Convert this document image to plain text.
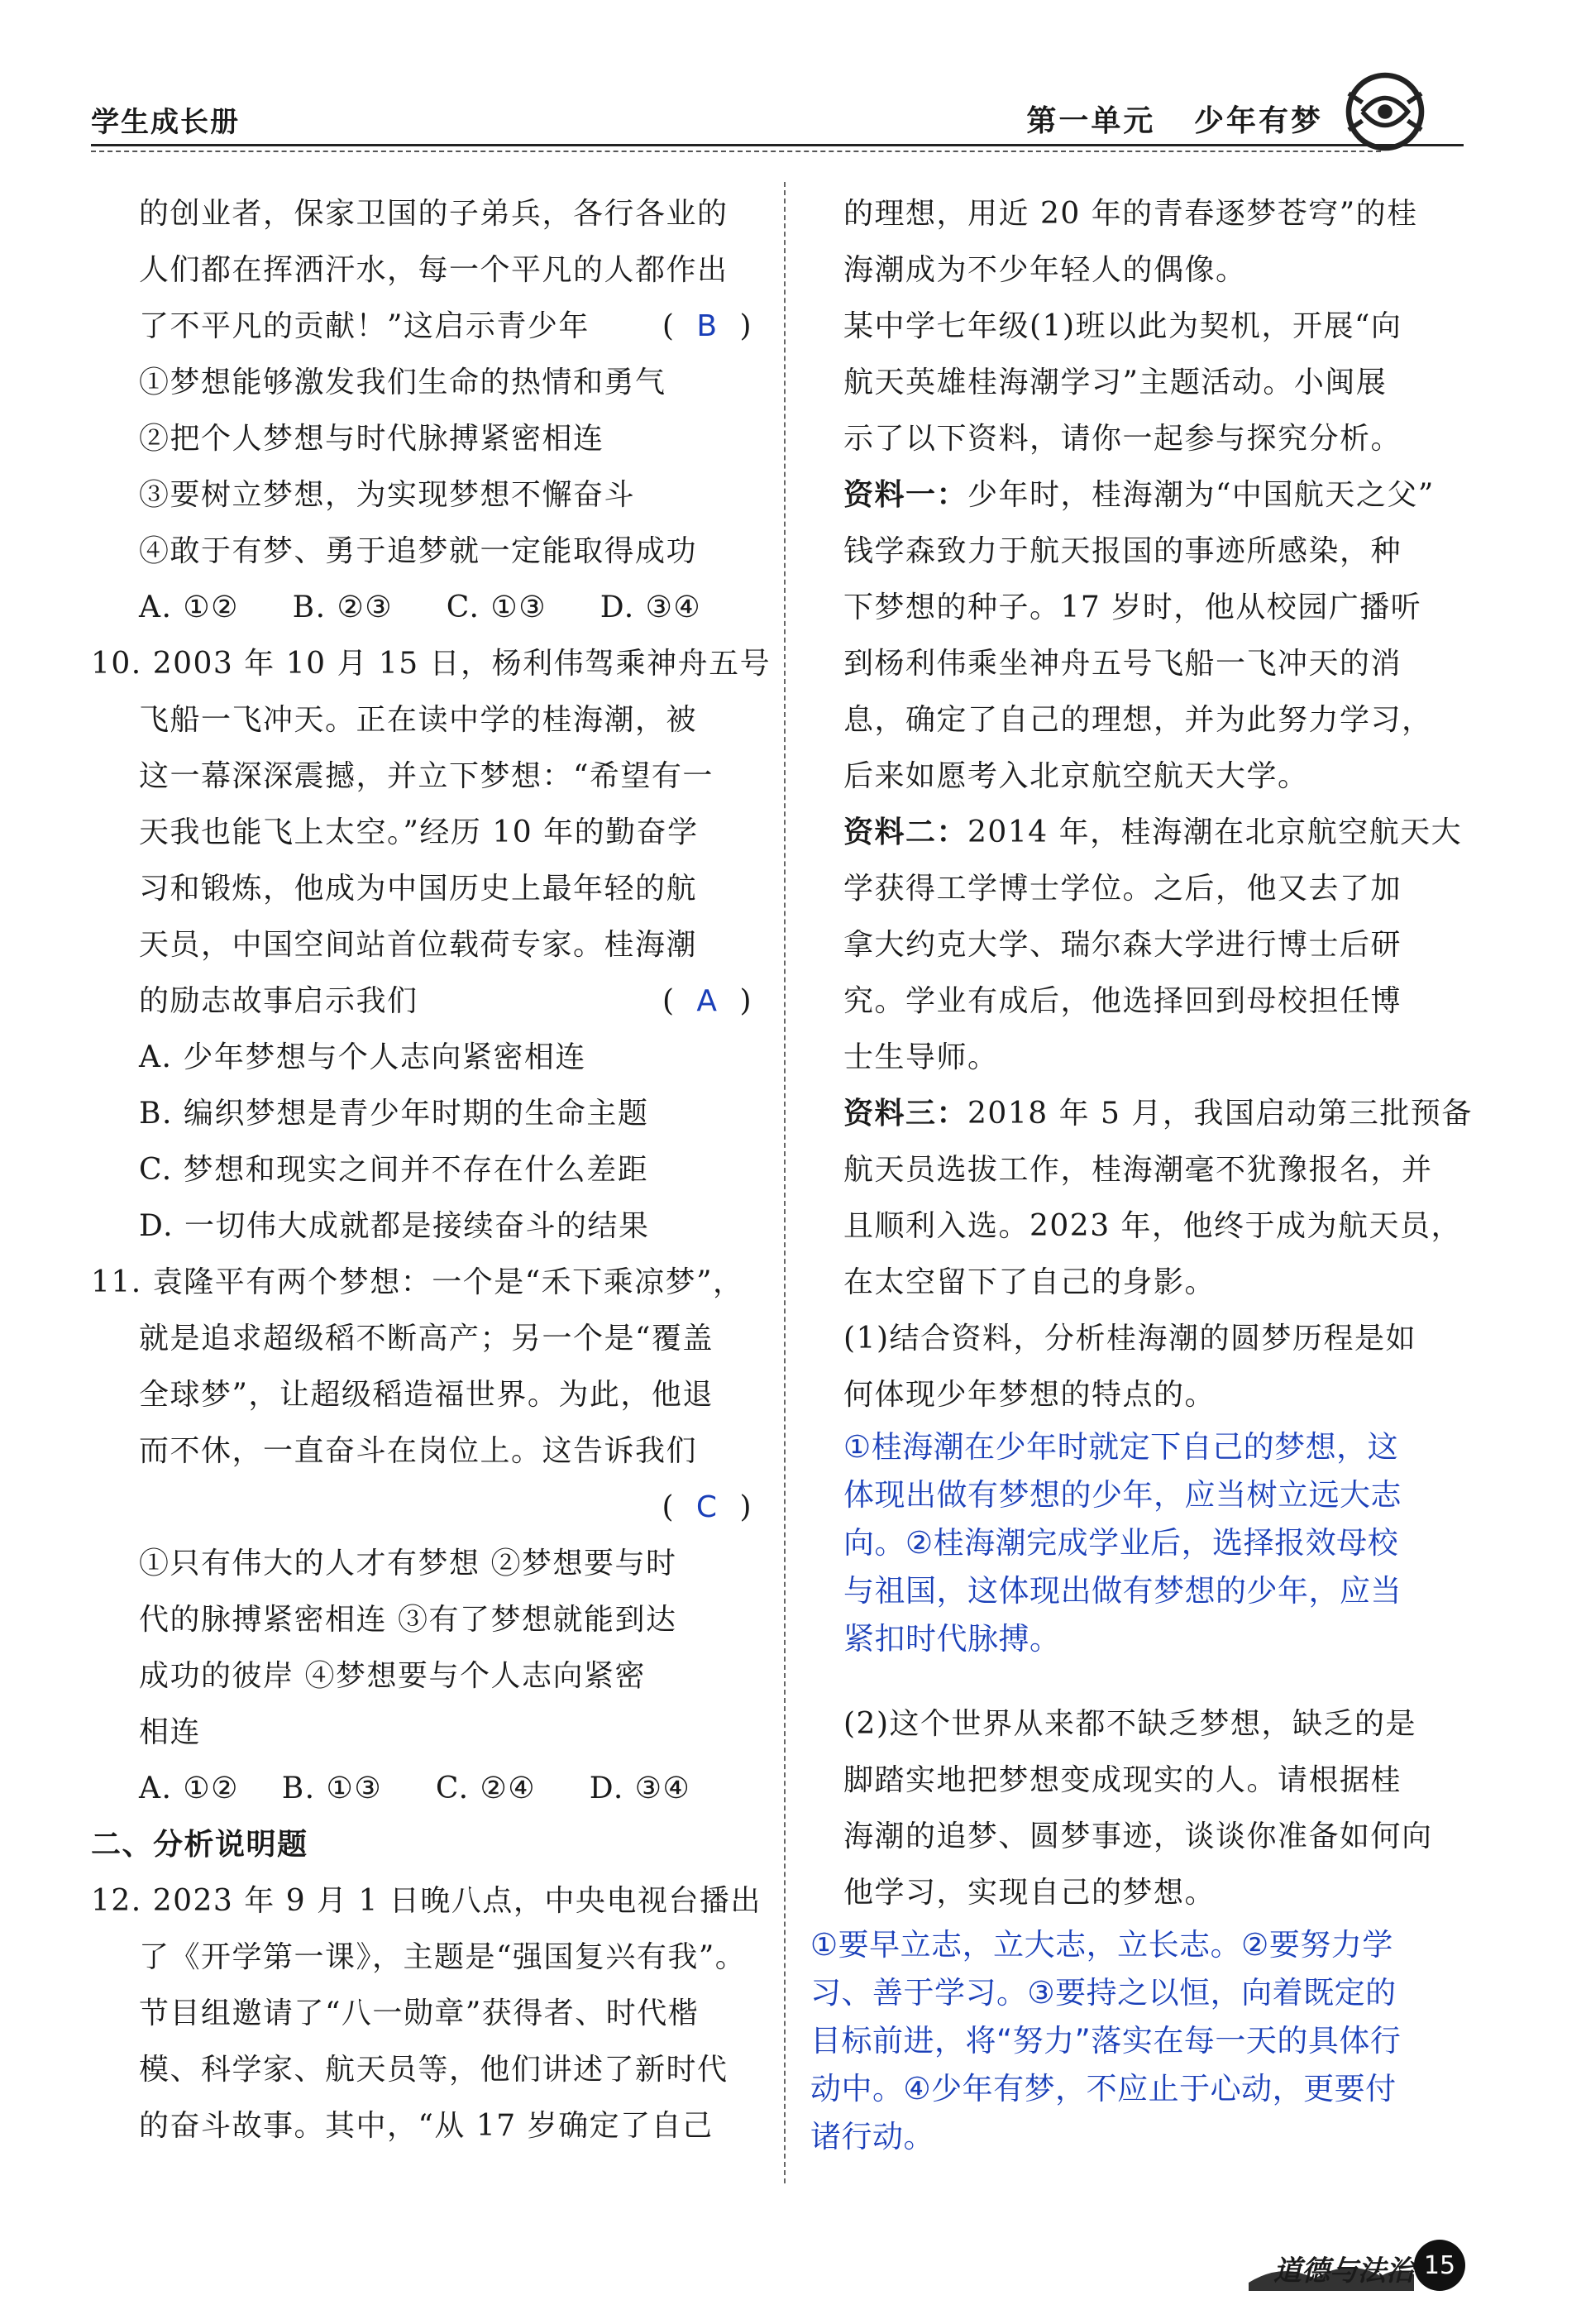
学生成长册	第一单元 少年有梦
的创业者，保家卫国的子弟兵，各行各业的
人们都在挥洒汗水，每一个平凡的人都作出
了不平凡的贡献！”这启示青少年 (  B  )
①梦想能够激发我们生命的热情和勇气
②把个人梦想与时代脉搏紧密相连
③要树立梦想，为实现梦想不懈奋斗
④敢于有梦、勇于追梦就一定能取得成功
A. ①② B. ②③ C. ①③ D. ③④
10. 2003 年 10 月 15 日，杨利伟驾乘神舟五号
飞船一飞冲天。正在读中学的桂海潮，被
这一幕深深震撼，并立下梦想：“希望有一
天我也能飞上太空。”经历 10 年的勤奋学
习和锻炼，他成为中国历史上最年轻的航
天员，中国空间站首位载荷专家。桂海潮
的励志故事启示我们	(  A  )
A. 少年梦想与个人志向紧密相连
B. 编织梦想是青少年时期的生命主题
C. 梦想和现实之间并不存在什么差距
D. 一切伟大成就都是接续奋斗的结果
11. 袁隆平有两个梦想：一个是“禾下乘凉梦”，
就是追求超级稻不断高产；另一个是“覆盖
全球梦”，让超级稻造福世界。为此，他退
而不休，一直奋斗在岗位上。这告诉我们
(  C  )
①只有伟大的人才有梦想 ②梦想要与时
代的脉搏紧密相连 ③有了梦想就能到达
成功的彼岸 ④梦想要与个人志向紧密
相连
A. ①② B. ①③ C. ②④ D. ③④
二、分析说明题
12. 2023 年 9 月 1 日晚八点，中央电视台播出
了《开学第一课》，主题是“强国复兴有我”。
节目组邀请了“八一勋章”获得者、时代楷
模、科学家、航天员等，他们讲述了新时代
的奋斗故事。其中，“从 17 岁确定了自己
的理想，用近 20 年的青春逐梦苍穹”的桂
海潮成为不少年轻人的偶像。
某中学七年级(1)班以此为契机，开展“向
航天英雄桂海潮学习”主题活动。小闽展
示了以下资料，请你一起参与探究分析。
资料一：少年时，桂海潮为“中国航天之父”
钱学森致力于航天报国的事迹所感染，种
下梦想的种子。17 岁时，他从校园广播听
到杨利伟乘坐神舟五号飞船一飞冲天的消
息，确定了自己的理想，并为此努力学习，
后来如愿考入北京航空航天大学。
资料二：2014 年，桂海潮在北京航空航天大
学获得工学博士学位。之后，他又去了加
拿大约克大学、瑞尔森大学进行博士后研
究。学业有成后，他选择回到母校担任博
士生导师。
资料三：2018 年 5 月，我国启动第三批预备
航天员选拔工作，桂海潮毫不犹豫报名，并
且顺利入选。2023 年，他终于成为航天员，
在太空留下了自己的身影。
(1)结合资料，分析桂海潮的圆梦历程是如
何体现少年梦想的特点的。
①桂海潮在少年时就定下自己的梦想，这
体现出做有梦想的少年，应当树立远大志
向。②桂海潮完成学业后，选择报效母校
与祖国，这体现出做有梦想的少年，应当
紧扣时代脉搏。
(2)这个世界从来都不缺乏梦想，缺乏的是
脚踏实地把梦想变成现实的人。请根据桂
海潮的追梦、圆梦事迹，谈谈你准备如何向
他学习，实现自己的梦想。
①要早立志，立大志，立长志。②要努力学
习、善于学习。③要持之以恒，向着既定的
目标前进，将“努力”落实在每一天的具体行
动中。④少年有梦，不应止于心动，更要付
诸行动。
道德与法治 15
